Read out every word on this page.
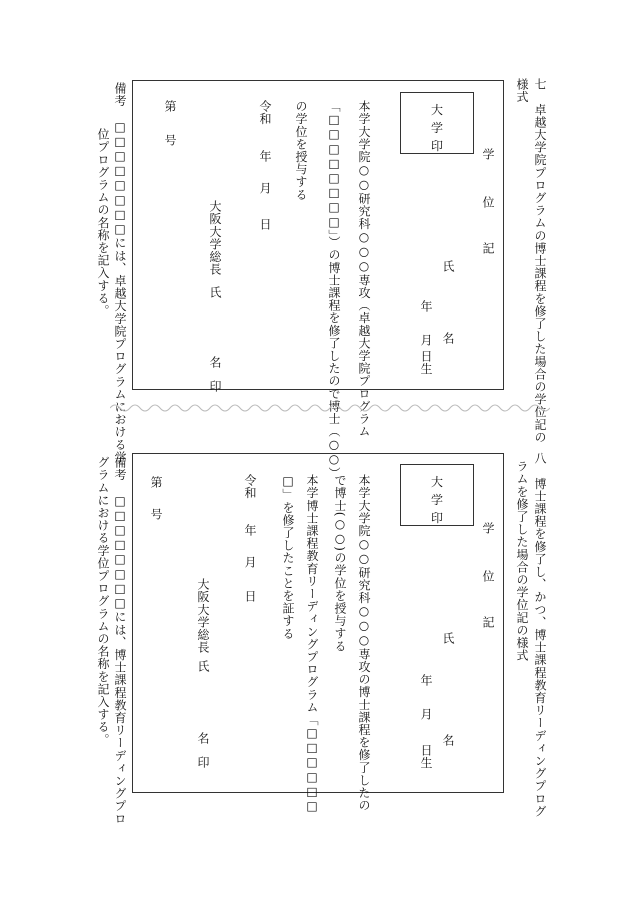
七　卓越大学院プログラムの博士課程を修了した場合の学位記の
様式
大
学
印
学
位
記
氏
名
年
月
日生
本学大学院○○研究科○○○専攻（卓越大学院プログラム
「□□□□□□□□」）の博士課程を修了したので博士（○○）
の学位を授与する
令和
年
月
日
大阪大学総長
氏
名
印
第
号
備考　□□□□□□□□には、卓越大学院プログラムにおける学
位プログラムの名称を記入する。
八　博士課程を修了し、かつ、博士課程教育リーディングプログ
ラムを修了した場合の学位記の様式
大
学
印
学
位
記
氏
名
年
月
日生
本学大学院○○研究科○○○専攻の博士課程を修了したの
で博士(○○)の学位を授与する
本学博士課程教育リーディングプログラム「□□□□□□
□」を修了したことを証する
令和
年
月
日
大阪大学総長
氏
名
印
第
号
備考　□□□□□□□□には、博士課程教育リーディングプロ
グラムにおける学位プログラムの名称を記入する。
